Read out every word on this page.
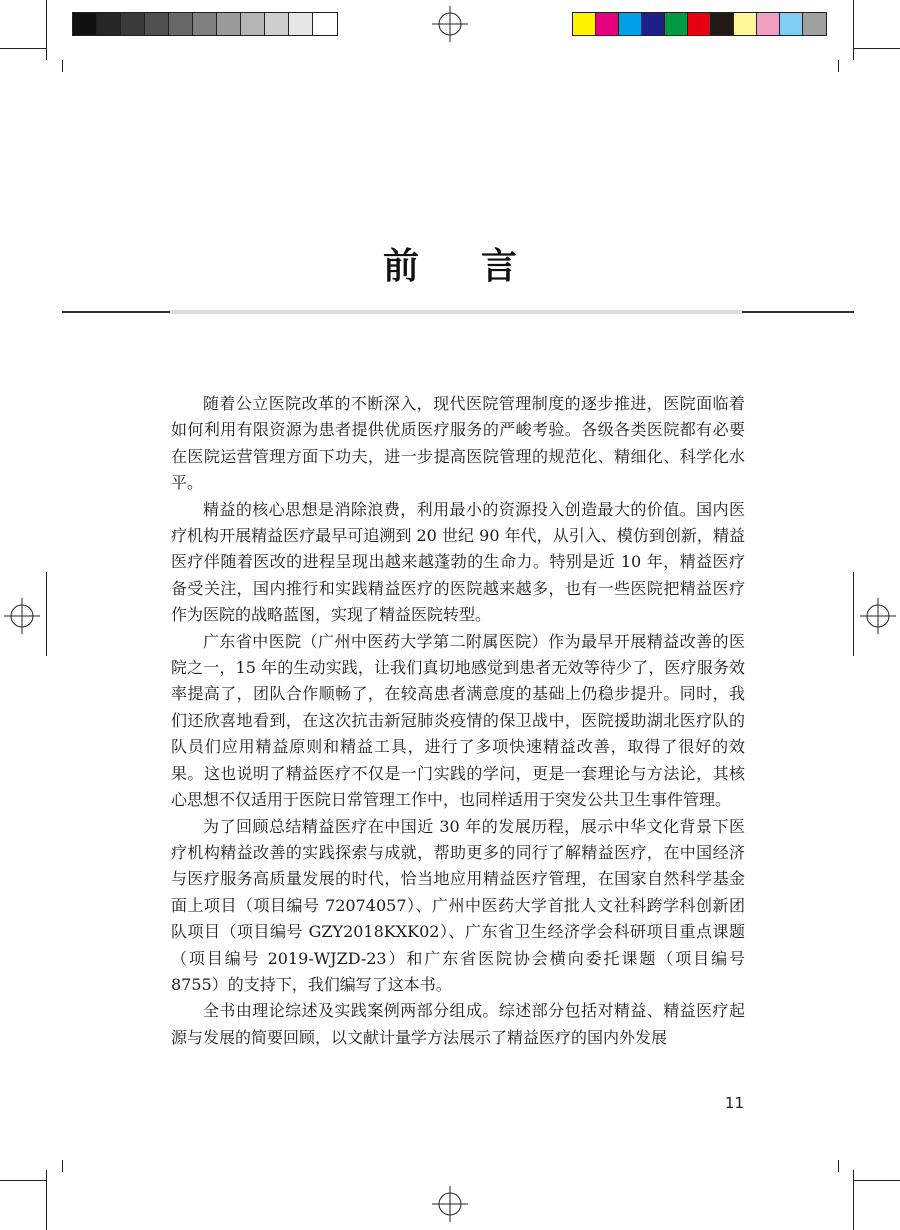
前言

随着公立医院改革的不断深入，现代医院管理制度的逐步推进，医院面临着如何利用有限资源为患者提供优质医疗服务的严峻考验。各级各类医院都有必要在医院运营管理方面下功夫，进一步提高医院管理的规范化、精细化、科学化水平。

精益的核心思想是消除浪费，利用最小的资源投入创造最大的价值。国内医疗机构开展精益医疗最早可追溯到 20 世纪 90 年代，从引入、模仿到创新，精益医疗伴随着医改的进程呈现出越来越蓬勃的生命力。特别是近 10 年，精益医疗备受关注，国内推行和实践精益医疗的医院越来越多，也有一些医院把精益医疗作为医院的战略蓝图，实现了精益医院转型。

广东省中医院（广州中医药大学第二附属医院）作为最早开展精益改善的医院之一，15 年的生动实践，让我们真切地感觉到患者无效等待少了，医疗服务效率提高了，团队合作顺畅了，在较高患者满意度的基础上仍稳步提升。同时，我们还欣喜地看到，在这次抗击新冠肺炎疫情的保卫战中，医院援助湖北医疗队的队员们应用精益原则和精益工具，进行了多项快速精益改善，取得了很好的效果。这也说明了精益医疗不仅是一门实践的学问，更是一套理论与方法论，其核心思想不仅适用于医院日常管理工作中，也同样适用于突发公共卫生事件管理。

为了回顾总结精益医疗在中国近 30 年的发展历程，展示中华文化背景下医疗机构精益改善的实践探索与成就，帮助更多的同行了解精益医疗，在中国经济与医疗服务高质量发展的时代，恰当地应用精益医疗管理，在国家自然科学基金面上项目（项目编号 72074057）、广州中医药大学首批人文社科跨学科创新团队项目（项目编号 GZY2018KXK02）、广东省卫生经济学会科研项目重点课题（项目编号 2019-WJZD-23）和广东省医院协会横向委托课题（项目编号 8755）的支持下，我们编写了这本书。

全书由理论综述及实践案例两部分组成。综述部分包括对精益、精益医疗起源与发展的简要回顾，以文献计量学方法展示了精益医疗的国内外发展

11
